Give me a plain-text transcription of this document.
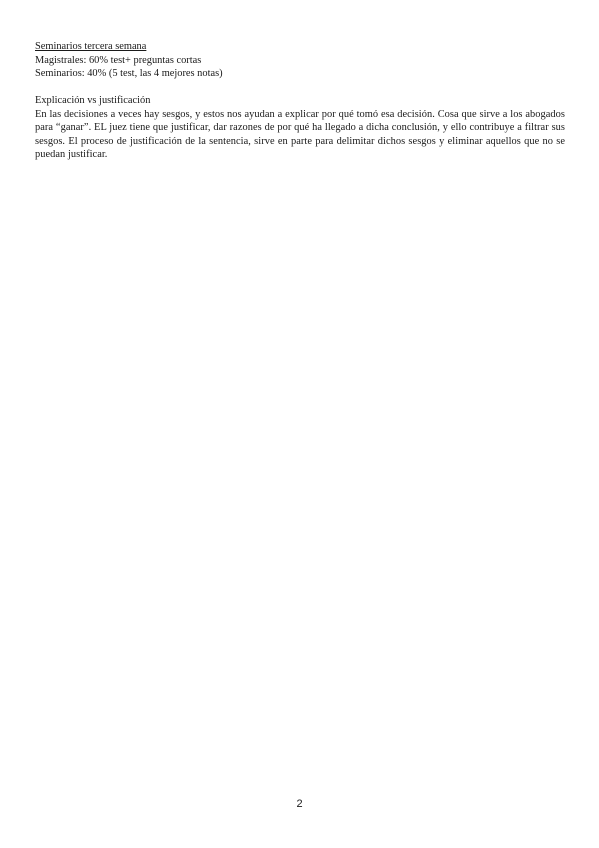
Seminarios tercera semana
Magistrales: 60% test+ preguntas cortas
Seminarios: 40% (5 test, las 4 mejores notas)
Explicación vs justificación
En las decisiones a veces hay sesgos, y estos nos ayudan a explicar por qué tomó esa decisión. Cosa que sirve a los abogados para “ganar”. EL juez tiene que justificar, dar razones de por qué ha llegado a dicha conclusión, y ello contribuye a filtrar sus sesgos. El proceso de justificación de la sentencia, sirve en parte para delimitar dichos sesgos y eliminar aquellos que no se puedan justificar.
2
